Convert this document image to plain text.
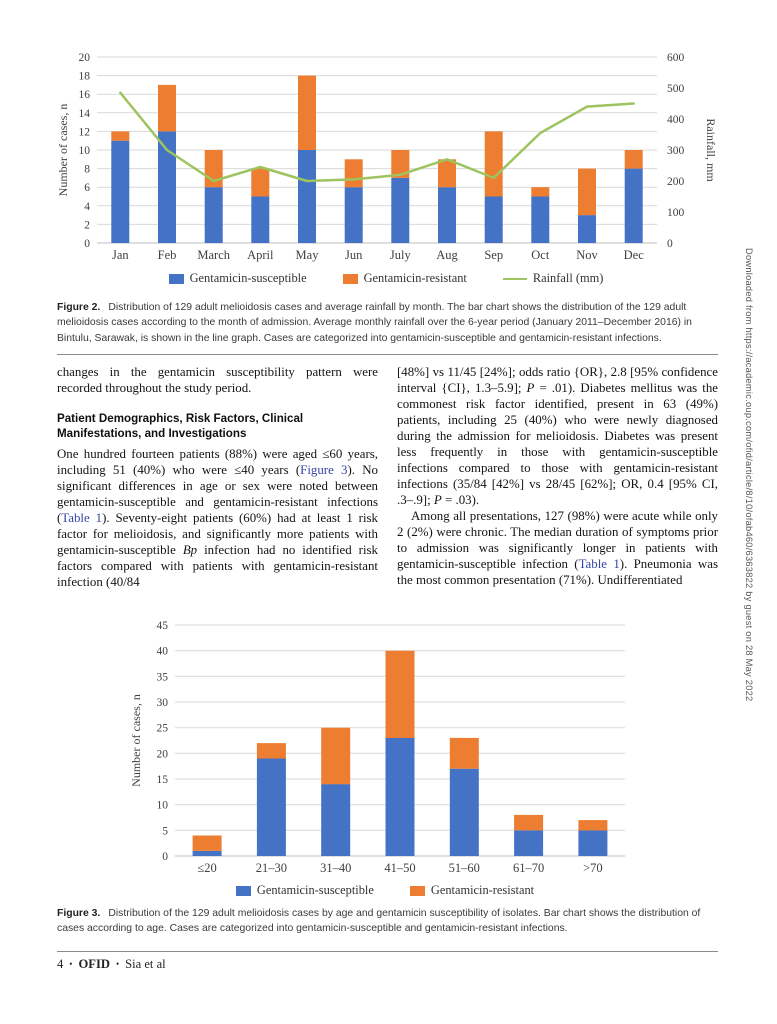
0
2
4
6
8
10
12
14
16
18
20
0
100
200
300
400
500
600
Jan Feb March April May Jun July Aug Sep Oct Nov Dec
Number of cases, n	Rainfall, mm
Gentamicin-susceptible	Gentamicin-resistant	Rainfall (mm)

Figure 2. Distribution of 129 adult melioidosis cases and average rainfall by month. The bar chart shows the distribution of the 129 adult melioidosis cases according to the month of admission. Average monthly rainfall over the 6-year period (January 2011–December 2016) in Bintulu, Sarawak, is shown in the line graph. Cases are categorized into gentamicin-susceptible and gentamicin-resistant infections.

changes in the gentamicin susceptibility pattern were recorded throughout the study period.

Patient Demographics, Risk Factors, Clinical Manifestations, and Investigations

One hundred fourteen patients (88%) were aged ≤60 years, including 51 (40%) who were ≤40 years (Figure 3). No significant differences in age or sex were noted between gentamicin-susceptible and gentamicin-resistant infections (Table 1). Seventy-eight patients (60%) had at least 1 risk factor for melioidosis, and significantly more patients with gentamicin-susceptible Bp infection had no identified risk factors compared with patients with gentamicin-resistant infection (40/84

[48%] vs 11/45 [24%]; odds ratio {OR}, 2.8 [95% confidence interval {CI}, 1.3–5.9]; P = .01). Diabetes mellitus was the commonest risk factor identified, present in 63 (49%) patients, including 25 (40%) who were newly diagnosed during the admission for melioidosis. Diabetes was present less frequently in those with gentamicin-susceptible infections compared to those with gentamicin-resistant infections (35/84 [42%] vs 28/45 [62%]; OR, 0.4 [95% CI, .3–.9]; P = .03).

Among all presentations, 127 (98%) were acute while only 2 (2%) were chronic. The median duration of symptoms prior to admission was significantly longer in patients with gentamicin-susceptible infection (Table 1). Pneumonia was the most common presentation (71%). Undifferentiated

0
5
10
15
20
25
30
35
40
45
≤20	21–30	31–40	41–50	51–60	61–70	>70
Number of cases, n
Gentamicin-susceptible	Gentamicin-resistant

Figure 3. Distribution of the 129 adult melioidosis cases by age and gentamicin susceptibility of isolates. Bar chart shows the distribution of cases according to age. Cases are categorized into gentamicin-susceptible and gentamicin-resistant infections.

4 • OFID • Sia et al
Downloaded from https://academic.oup.com/ofid/article/8/10/ofab460/6363822 by guest on 28 May 2022
